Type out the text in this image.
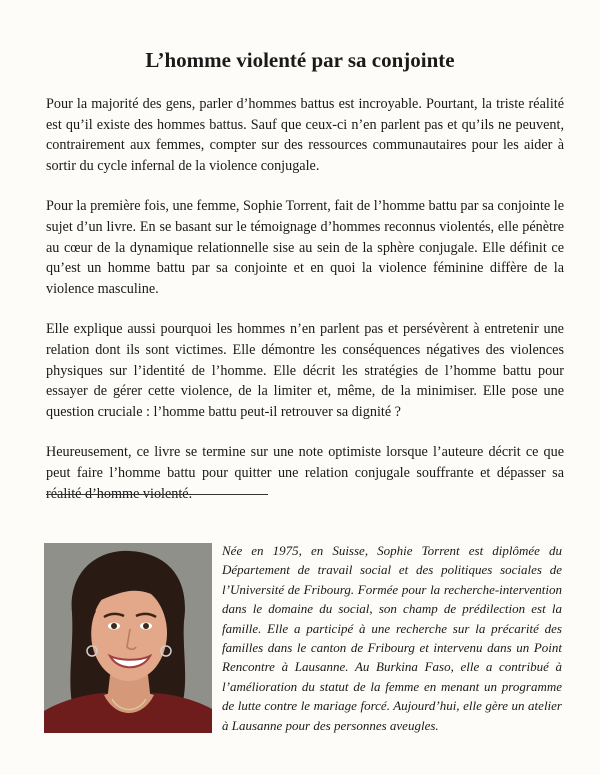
L’homme violenté par sa conjointe

Pour la majorité des gens, parler d’hommes battus est incroyable. Pourtant, la triste réalité est qu’il existe des hommes battus. Sauf que ceux-ci n’en parlent pas et qu’ils ne peuvent, contrairement aux femmes, compter sur des ressources communautaires pour les aider à sortir du cycle infernal de la violence conjugale.

Pour la première fois, une femme, Sophie Torrent, fait de l’homme battu par sa conjointe le sujet d’un livre. En se basant sur le témoignage d’hommes reconnus violentés, elle pénètre au cœur de la dynamique relationnelle sise au sein de la sphère conjugale. Elle définit ce qu’est un homme battu par sa conjointe et en quoi la violence féminine diffère de la violence masculine.

Elle explique aussi pourquoi les hommes n’en parlent pas et persévèrent à entretenir une relation dont ils sont victimes. Elle démontre les conséquences négatives des violences physiques sur l’identité de l’homme. Elle décrit les stratégies de l’homme battu pour essayer de gérer cette violence, de la limiter et, même, de la minimiser. Elle pose une question cruciale : l’homme battu peut-il retrouver sa dignité ?

Heureusement, ce livre se termine sur une note optimiste lorsque l’auteure décrit ce que peut faire l’homme battu pour quitter une relation conjugale souffrante et dépasser sa réalité d’homme violenté.

Née en 1975, en Suisse, Sophie Torrent est diplômée du Département de travail social et des politiques sociales de l’Université de Fribourg. Formée pour la recherche-intervention dans le domaine du social, son champ de prédilection est la famille. Elle a participé à une recherche sur la précarité des familles dans le canton de Fribourg et intervenu dans un Point Rencontre à Lausanne. Au Burkina Faso, elle a contribué à l’amélioration du statut de la femme en menant un programme de lutte contre le mariage forcé. Aujourd’hui, elle gère un atelier à Lausanne pour des personnes aveugles.
